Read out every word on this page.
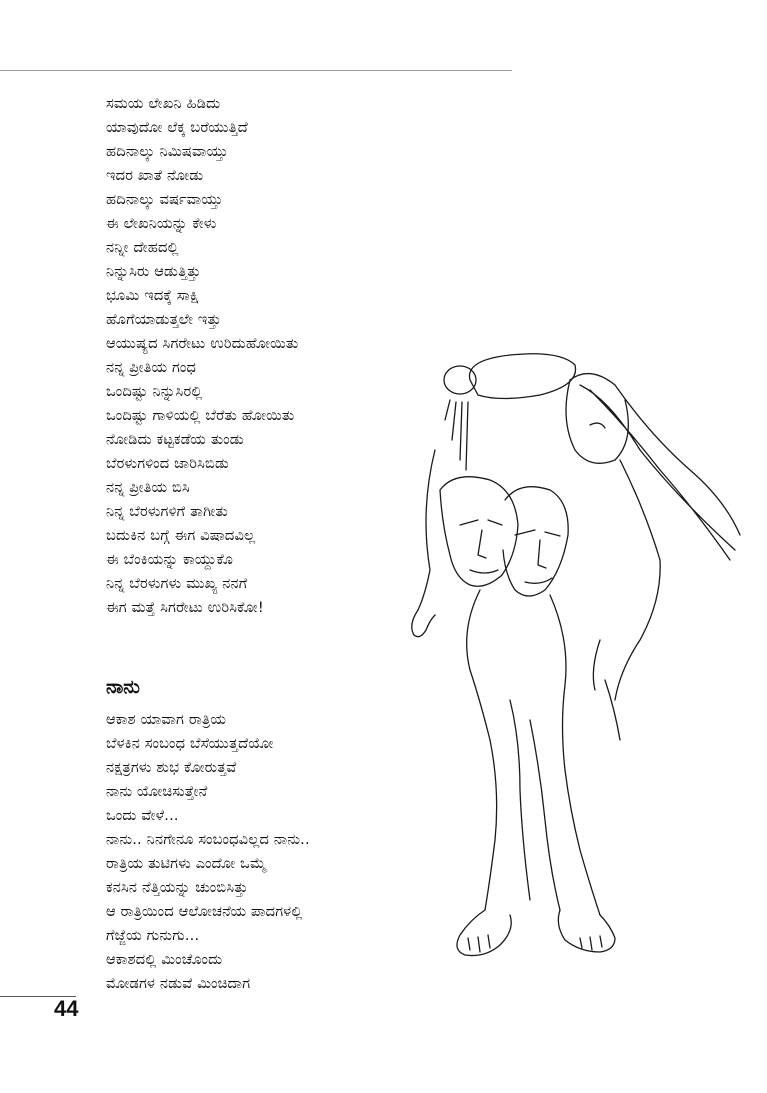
ಸಮಯ ಲೇಖನಿ ಹಿಡಿದು
ಯಾವುದೋ ಲೆಕ್ಕ ಬರೆಯುತ್ತಿದೆ
ಹದಿನಾಲ್ಕು ನಿಮಿಷವಾಯ್ತು
ಇದರ ಖಾತೆ ನೋಡು
ಹದಿನಾಲ್ಕು ವರ್ಷವಾಯ್ತು
ಈ ಲೇಖನಿಯನ್ನು ಕೇಳು
ನನ್ನೀ ದೇಹದಲ್ಲಿ
ನಿನ್ನುಸಿರು ಆಡುತ್ತಿತ್ತು
ಭೂಮಿ ಇದಕ್ಕೆ ಸಾಕ್ಷಿ
ಹೊಗೆಯಾಡುತ್ತಲೇ ಇತ್ತು
ಆಯುಷ್ಯದ ಸಿಗರೇಟು ಉರಿದುಹೋಯಿತು
ನನ್ನ ಪ್ರೀತಿಯ ಗಂಧ
ಒಂದಿಷ್ಟು ನಿನ್ನುಸಿರಲ್ಲಿ
ಒಂದಿಷ್ಟು ಗಾಳಿಯಲ್ಲಿ ಬೆರೆತು ಹೋಯಿತು
ನೋಡಿದು ಕಟ್ಟಕಡೆಯ ತುಂಡು
ಬೆರಳುಗಳಿಂದ ಜಾರಿಸಿಬಿಡು
ನನ್ನ ಪ್ರೀತಿಯ ಬಿಸಿ
ನಿನ್ನ ಬೆರಳುಗಳಿಗೆ ತಾಗೀತು
ಬದುಕಿನ ಬಗ್ಗೆ ಈಗ ವಿಷಾದವಿಲ್ಲ
ಈ ಬೆಂಕಿಯನ್ನು ಕಾಯ್ದುಕೊ
ನಿನ್ನ ಬೆರಳುಗಳು ಮುಖ್ಯ ನನಗೆ
ಈಗ ಮತ್ತೆ ಸಿಗರೇಟು ಉರಿಸಿಕೋ!
ನಾನು
ಆಕಾಶ ಯಾವಾಗ ರಾತ್ರಿಯ
ಬೆಳಕಿನ ಸಂಬಂಧ ಬೆಸೆಯುತ್ತದೆಯೋ
ನಕ್ಷತ್ರಗಳು ಶುಭ ಕೋರುತ್ತವೆ
ನಾನು ಯೋಚಿಸುತ್ತೇನೆ
ಒಂದು ವೇಳೆ...
ನಾನು.. ನಿನಗೇನೂ ಸಂಬಂಧವಿಲ್ಲದ ನಾನು..
ರಾತ್ರಿಯ ತುಟಿಗಳು ಎಂದೋ ಒಮ್ಮೆ
ಕನಸಿನ ನೆತ್ತಿಯನ್ನು ಚುಂಬಿಸಿತ್ತು
ಆ ರಾತ್ರಿಯಿಂದ ಆಲೋಚನೆಯ ಪಾದಗಳಲ್ಲಿ
ಗೆಜ್ಜೆಯ ಗುನುಗು...
ಆಕಾಶದಲ್ಲಿ ಮಿಂಚೊಂದು
ಮೋಡಗಳ ನಡುವೆ ಮಿಂಚಿದಾಗ
44
